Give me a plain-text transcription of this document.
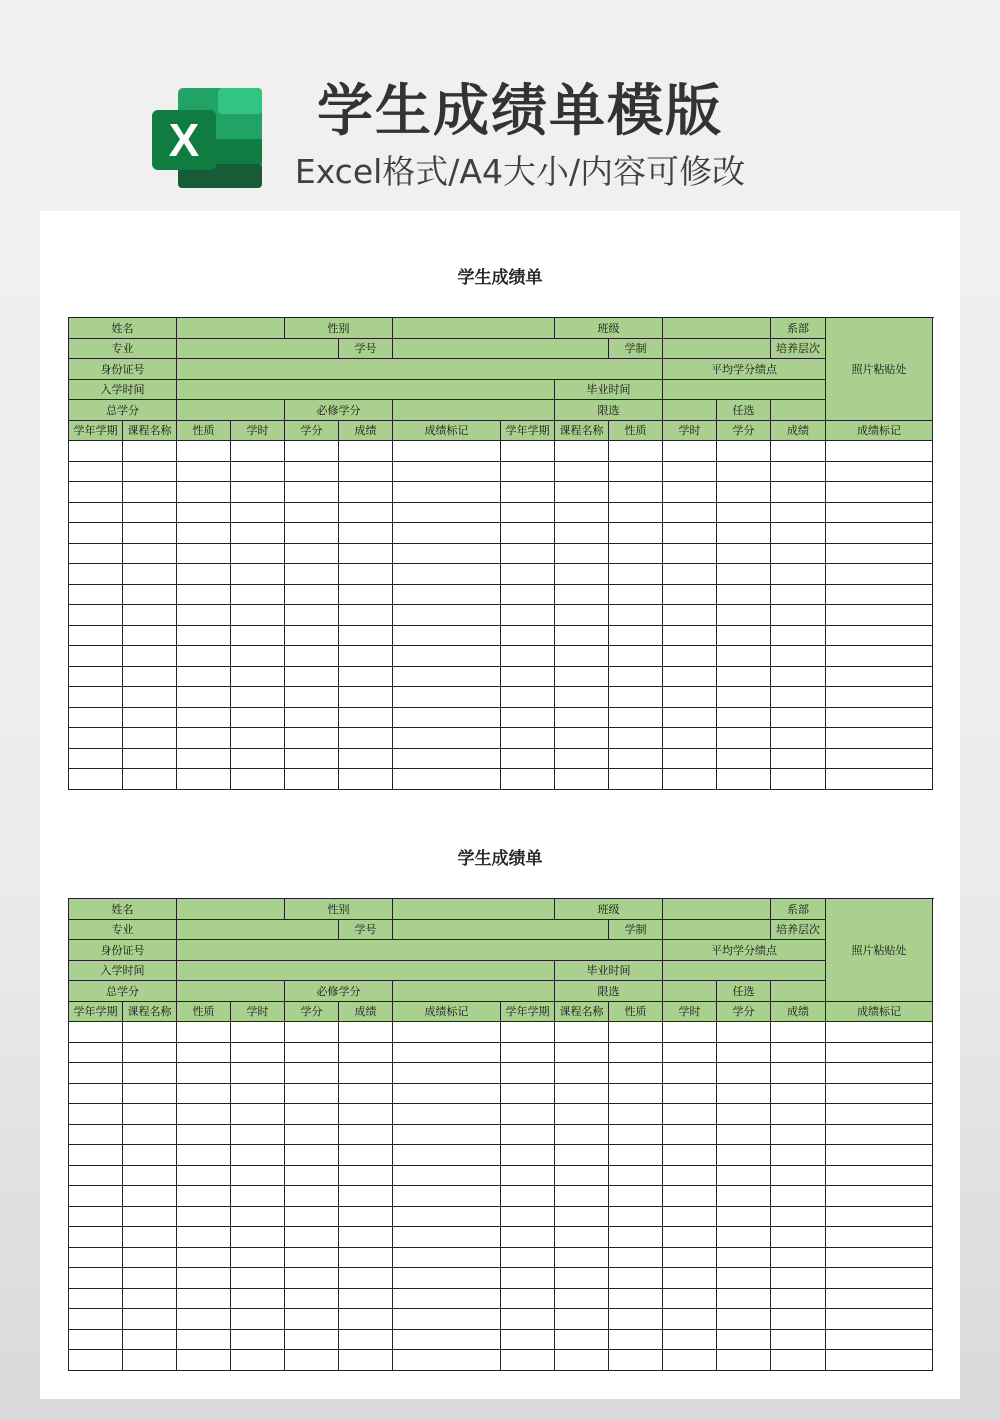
X	学生成绩单模版
Excel格式/A4大小/内容可修改
学生成绩单
姓名				性别				班级				系部	照片粘贴处
专业					学号				学制			培养层次	
身份证号										平均学分绩点			
入学时间								毕业时间					
总学分				必修学分				限选			任选		
学年学期	课程名称	性质	学时	学分	成绩	成绩标记	学年学期	课程名称	性质	学时	学分	成绩	成绩标记

学生成绩单
姓名				性别				班级				系部	照片粘贴处
专业					学号				学制			培养层次	
身份证号										平均学分绩点			
入学时间								毕业时间					
总学分				必修学分				限选			任选		
学年学期	课程名称	性质	学时	学分	成绩	成绩标记	学年学期	课程名称	性质	学时	学分	成绩	成绩标记
